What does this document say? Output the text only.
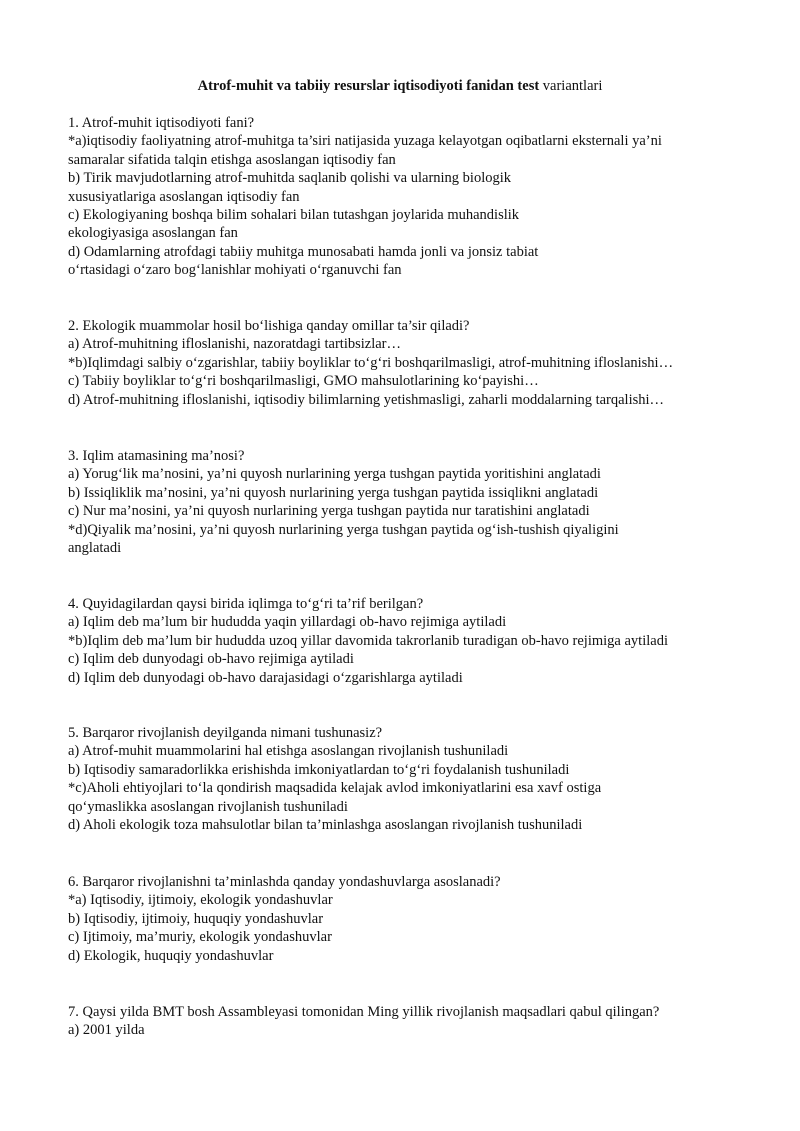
Atrof-muhit va tabiiy resurslar iqtisodiyoti fanidan test variantlari
1. Atrof-muhit iqtisodiyoti fani?
*a)iqtisodiy faoliyatning atrof-muhitga ta’siri natijasida yuzaga kelayotgan oqibatlarni eksternali ya’ni
samaralar sifatida talqin etishga asoslangan iqtisodiy fan
b) Tirik mavjudotlarning atrof-muhitda saqlanib qolishi va ularning biologik
xususiyatlariga asoslangan iqtisodiy fan
c) Ekologiyaning boshqa bilim sohalari bilan tutashgan joylarida muhandislik
ekologiyasiga asoslangan fan
d) Odamlarning atrofdagi tabiiy muhitga munosabati hamda jonli va jonsiz tabiat
o‘rtasidagi o‘zaro bog‘lanishlar mohiyati o‘rganuvchi fan
2. Ekologik muammolar hosil bo‘lishiga qanday omillar ta’sir qiladi?
a) Atrof-muhitning ifloslanishi, nazoratdagi tartibsizlar…
*b)Iqlimdagi salbiy o‘zgarishlar, tabiiy boyliklar to‘g‘ri boshqarilmasligi, atrof-muhitning ifloslanishi…
c) Tabiiy boyliklar to‘g‘ri boshqarilmasligi, GMO mahsulotlarining ko‘payishi…
d) Atrof-muhitning ifloslanishi, iqtisodiy bilimlarning yetishmasligi, zaharli moddalarning tarqalishi…
3. Iqlim atamasining ma’nosi?
a) Yorug‘lik ma’nosini, ya’ni quyosh nurlarining yerga tushgan paytida yoritishini anglatadi
b) Issiqliklik ma’nosini, ya’ni quyosh nurlarining yerga tushgan paytida issiqlikni anglatadi
c) Nur ma’nosini, ya’ni quyosh nurlarining yerga tushgan paytida nur taratishini anglatadi
*d)Qiyalik ma’nosini, ya’ni quyosh nurlarining yerga tushgan paytida og‘ish-tushish qiyaligini
anglatadi
4. Quyidagilardan qaysi birida iqlimga to‘g‘ri ta’rif berilgan?
a) Iqlim deb ma’lum bir hududda yaqin yillardagi ob-havo rejimiga aytiladi
*b)Iqlim deb ma’lum bir hududda uzoq yillar davomida takrorlanib turadigan ob-havo rejimiga aytiladi
c) Iqlim deb dunyodagi ob-havo rejimiga aytiladi
d) Iqlim deb dunyodagi ob-havo darajasidagi o‘zgarishlarga aytiladi
5. Barqaror rivojlanish deyilganda nimani tushunasiz?
a) Atrof-muhit muammolarini hal etishga asoslangan rivojlanish tushuniladi
b) Iqtisodiy samaradorlikka erishishda imkoniyatlardan to‘g‘ri foydalanish tushuniladi
*c)Aholi ehtiyojlari to‘la qondirish maqsadida kelajak avlod imkoniyatlarini esa xavf ostiga
qo‘ymaslikka asoslangan rivojlanish tushuniladi
d) Aholi ekologik toza mahsulotlar bilan ta’minlashga asoslangan rivojlanish tushuniladi
6. Barqaror rivojlanishni ta’minlashda qanday yondashuvlarga asoslanadi?
*a) Iqtisodiy, ijtimoiy, ekologik yondashuvlar
b) Iqtisodiy, ijtimoiy, huquqiy yondashuvlar
c) Ijtimoiy, ma’muriy, ekologik yondashuvlar
d) Ekologik, huquqiy yondashuvlar
7. Qaysi yilda BMT bosh Assambleyasi tomonidan Ming yillik rivojlanish maqsadlari qabul qilingan?
a) 2001 yilda
